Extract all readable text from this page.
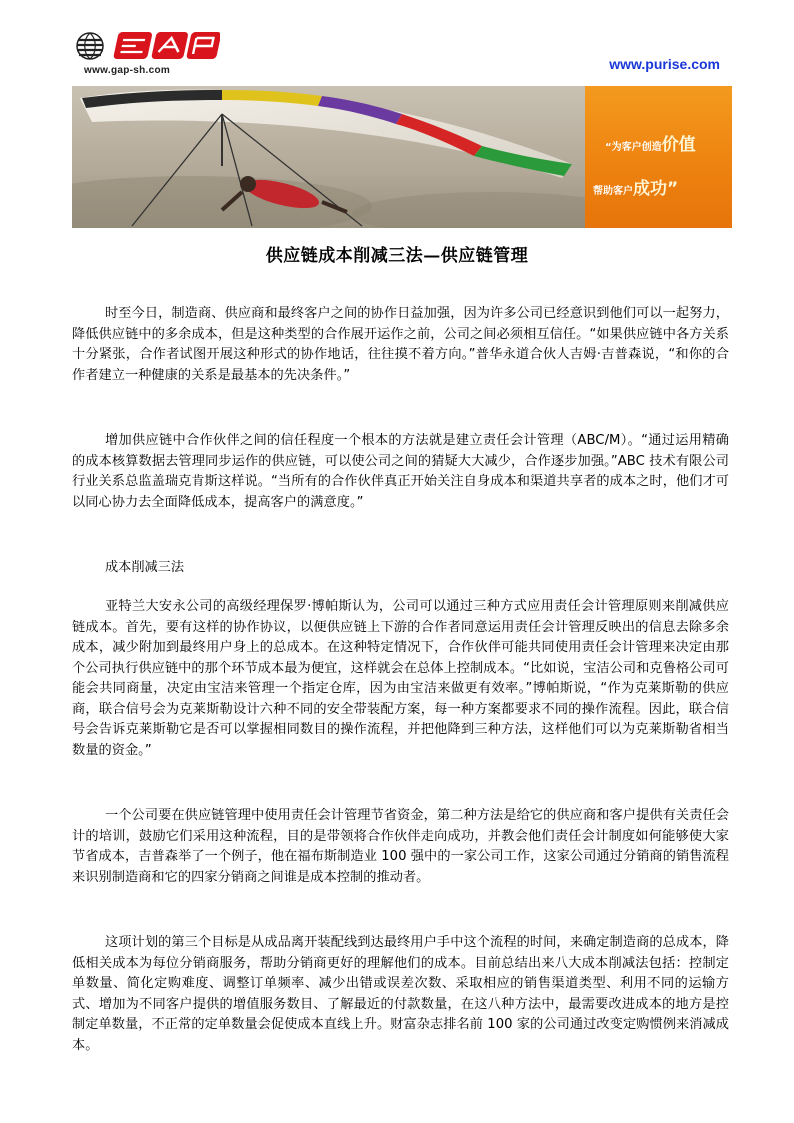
www.gap-sh.com	www.purise.com
“为客户创造价值
帮助客户成功”
供应链成本削减三法—供应链管理

时至今日，制造商、供应商和最终客户之间的协作日益加强，因为许多公司已经意识到他们可以一起努力，降低供应链中的多余成本，但是这种类型的合作展开运作之前，公司之间必须相互信任。“如果供应链中各方关系十分紧张，合作者试图开展这种形式的协作地话，往往摸不着方向。”普华永道合伙人吉姆·吉普森说，“和你的合作者建立一种健康的关系是最基本的先决条件。”

增加供应链中合作伙伴之间的信任程度一个根本的方法就是建立责任会计管理（ABC/M）。“通过运用精确的成本核算数据去管理同步运作的供应链，可以使公司之间的猜疑大大减少，合作逐步加强。”ABC 技术有限公司行业关系总监盖瑞克肯斯这样说。“当所有的合作伙伴真正开始关注自身成本和渠道共享者的成本之时，他们才可以同心协力去全面降低成本，提高客户的满意度。”

成本削减三法

亚特兰大安永公司的高级经理保罗·博帕斯认为，公司可以通过三种方式应用责任会计管理原则来削减供应链成本。首先，要有这样的协作协议，以便供应链上下游的合作者同意运用责任会计管理反映出的信息去除多余成本，减少附加到最终用户身上的总成本。在这种特定情况下，合作伙伴可能共同使用责任会计管理来决定由那个公司执行供应链中的那个环节成本最为便宜，这样就会在总体上控制成本。“比如说，宝洁公司和克鲁格公司可能会共同商量，决定由宝洁来管理一个指定仓库，因为由宝洁来做更有效率。”博帕斯说，“作为克莱斯勒的供应商，联合信号会为克莱斯勒设计六种不同的安全带装配方案，每一种方案都要求不同的操作流程。因此，联合信号会告诉克莱斯勒它是否可以掌握相同数目的操作流程，并把他降到三种方法，这样他们可以为克莱斯勒省相当数量的资金。”

一个公司要在供应链管理中使用责任会计管理节省资金，第二种方法是给它的供应商和客户提供有关责任会计的培训，鼓励它们采用这种流程，目的是带领将合作伙伴走向成功，并教会他们责任会计制度如何能够使大家节省成本，吉普森举了一个例子，他在福布斯制造业 100 强中的一家公司工作，这家公司通过分销商的销售流程来识别制造商和它的四家分销商之间谁是成本控制的推动者。

这项计划的第三个目标是从成品离开装配线到达最终用户手中这个流程的时间，来确定制造商的总成本，降低相关成本为每位分销商服务，帮助分销商更好的理解他们的成本。目前总结出来八大成本削减法包括：控制定单数量、简化定购难度、调整订单频率、减少出错或误差次数、采取相应的销售渠道类型、利用不同的运输方式、增加为不同客户提供的增值服务数目、了解最近的付款数量，在这八种方法中，最需要改进成本的地方是控制定单数量，不正常的定单数量会促使成本直线上升。财富杂志排名前 100 家的公司通过改变定购惯例来消减成本。
